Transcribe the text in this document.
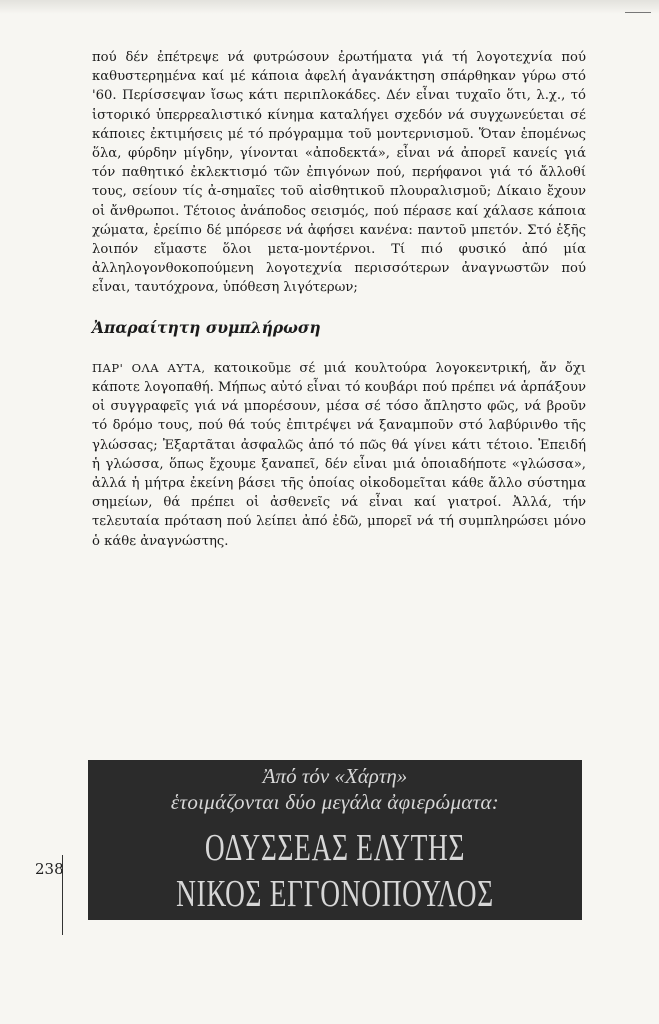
πού δέν ἐπέτρεψε νά φυτρώσουν ἐρωτήματα γιά τή λογοτεχνία πού καθυστερημένα καί μέ κάποια ἀφελή ἀγανάκτηση σπάρθηκαν γύρω στό '60. Περίσσεψαν ἴσως κάτι περιπλοκάδες. Δέν εἶναι τυχαῖο ὅτι, λ.χ., τό ἱστορικό ὑπερρεαλιστικό κίνημα καταλήγει σχεδόν νά συγχωνεύεται σέ κάποιες ἐκτιμήσεις μέ τό πρόγραμμα τοῦ μοντερνισμοῦ. Ὅταν ἑπομένως ὅλα, φύρδην μίγδην, γίνονται «ἀποδεκτά», εἶναι νά ἀπορεῖ κανείς γιά τόν παθητικό ἐκλεκτισμό τῶν ἐπιγόνων πού, περήφανοι γιά τό ἄλλοθί τους, σείουν τίς ἀ-σημαῖες τοῦ αἰσθητικοῦ πλουραλισμοῦ; Δίκαιο ἔχουν οἱ ἄνθρωποι. Τέτοιος ἀνάποδος σεισμός, πού πέρασε καί χάλασε κάποια χώματα, ἐρείπιο δέ μπόρεσε νά ἀφήσει κανένα: παντοῦ μπετόν. Στό ἑξῆς λοιπόν εἴμαστε ὅλοι μετα-μοντέρνοι. Τί πιό φυσικό ἀπό μία ἀλληλογονθοκοπούμενη λογοτεχνία περισσότερων ἀναγνωστῶν πού εἶναι, ταυτόχρονα, ὑπόθεση λιγότερων;

Ἀπαραίτητη συμπλήρωση

ΠΑΡ' ΟΛΑ ΑΥΤΑ, κατοικοῦμε σέ μιά κουλτούρα λογοκεντρική, ἄν ὄχι κάποτε λογοπαθή. Μήπως αὐτό εἶναι τό κουβάρι πού πρέπει νά ἁρπάξουν οἱ συγγραφεῖς γιά νά μπορέσουν, μέσα σέ τόσο ἄπληστο φῶς, νά βροῦν τό δρόμο τους, πού θά τούς ἐπιτρέψει νά ξαναμποῦν στό λαβύρινθο τῆς γλώσσας; Ἐξαρτᾶται ἀσφαλῶς ἀπό τό πῶς θά γίνει κάτι τέτοιο. Ἐπειδή ἡ γλώσσα, ὅπως ἔχουμε ξαναπεῖ, δέν εἶναι μιά ὁποιαδήποτε «γλώσσα», ἀλλά ἡ μήτρα ἐκείνη βάσει τῆς ὁποίας οἰκοδομεῖται κάθε ἄλλο σύστημα σημείων, θά πρέπει οἱ ἀσθενεῖς νά εἶναι καί γιατροί. Ἀλλά, τήν τελευταία πρόταση πού λείπει ἀπό ἐδῶ, μπορεῖ νά τή συμπληρώσει μόνο ὁ κάθε ἀναγνώστης.

Ἀπό τόν «Χάρτη»
ἑτοιμάζονται δύο μεγάλα ἀφιερώματα:
ΟΔΥΣΣΕΑΣ ΕΛΥΤΗΣ
ΝΙΚΟΣ ΕΓΓΟΝΟΠΟΥΛΟΣ
238
